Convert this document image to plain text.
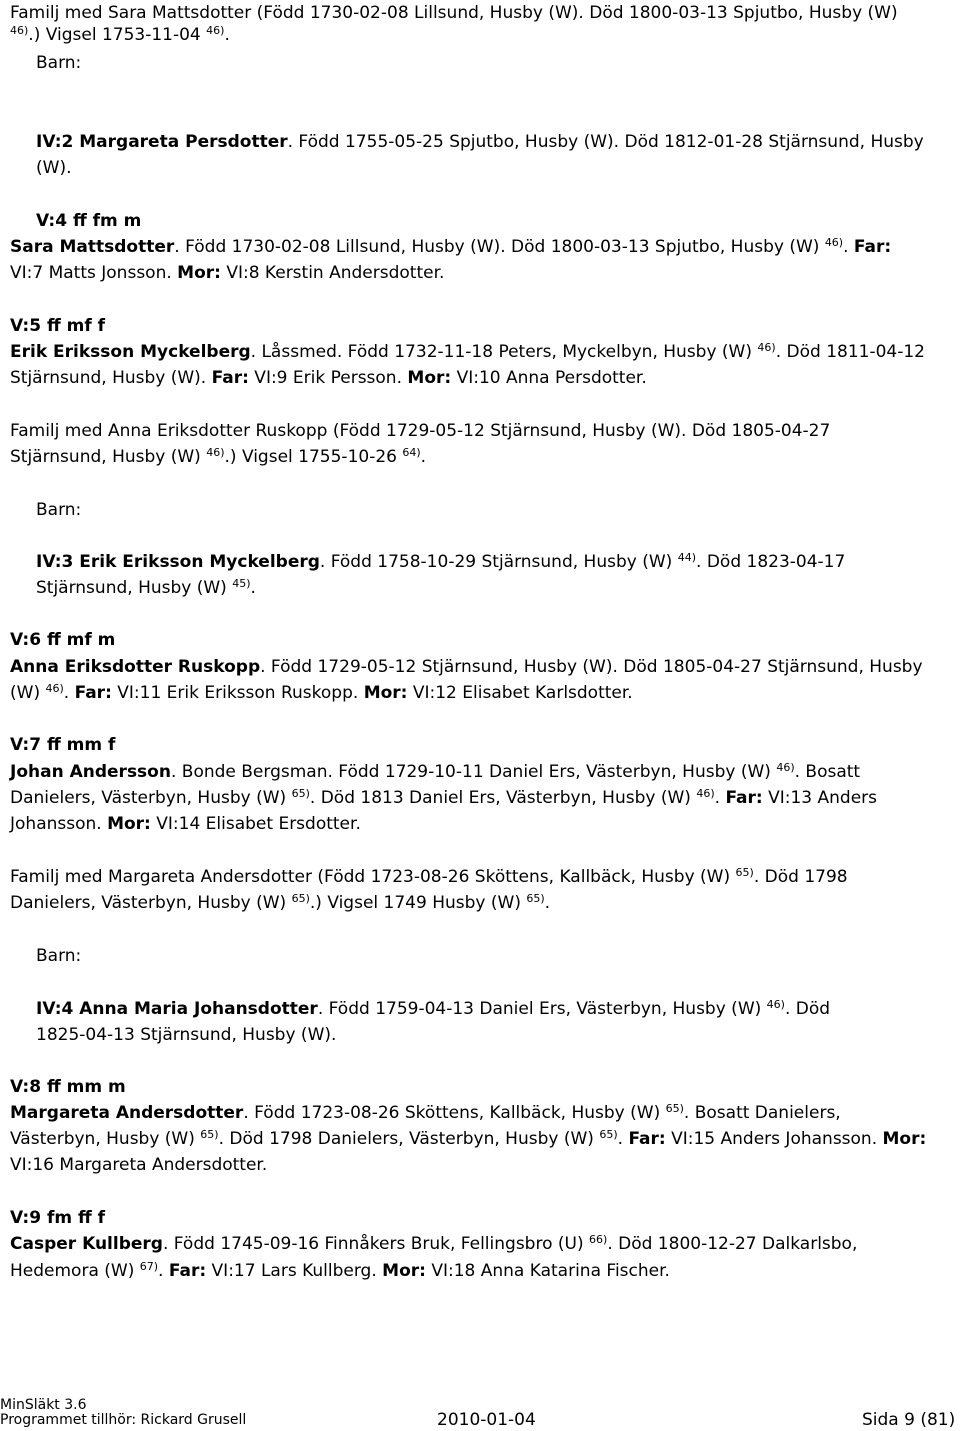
Familj med Sara Mattsdotter (Född 1730-02-08 Lillsund, Husby (W). Död 1800-03-13 Spjutbo, Husby (W)
$^{46)}$.) Vigsel 1753-11-04 $^{46)}$.
Barn:
IV:2 Margareta Persdotter. Född 1755-05-25 Spjutbo, Husby (W). Död 1812-01-28 Stjärnsund, Husby
(W).
V:4 ff fm m
Sara Mattsdotter. Född 1730-02-08 Lillsund, Husby (W). Död 1800-03-13 Spjutbo, Husby (W) $^{46)}$. Far:
VI:7 Matts Jonsson. Mor: VI:8 Kerstin Andersdotter.
V:5 ff mf f
Erik Eriksson Myckelberg. Låssmed. Född 1732-11-18 Peters, Myckelbyn, Husby (W) $^{46)}$. Död 1811-04-12
Stjärnsund, Husby (W). Far: VI:9 Erik Persson. Mor: VI:10 Anna Persdotter.
Familj med Anna Eriksdotter Ruskopp (Född 1729-05-12 Stjärnsund, Husby (W). Död 1805-04-27
Stjärnsund, Husby (W) $^{46)}$.) Vigsel 1755-10-26 $^{64)}$.
Barn:
IV:3 Erik Eriksson Myckelberg. Född 1758-10-29 Stjärnsund, Husby (W) $^{44)}$. Död 1823-04-17
Stjärnsund, Husby (W) $^{45)}$.
V:6 ff mf m
Anna Eriksdotter Ruskopp. Född 1729-05-12 Stjärnsund, Husby (W). Död 1805-04-27 Stjärnsund, Husby
(W) $^{46)}$. Far: VI:11 Erik Eriksson Ruskopp. Mor: VI:12 Elisabet Karlsdotter.
V:7 ff mm f
Johan Andersson. Bonde Bergsman. Född 1729-10-11 Daniel Ers, Västerbyn, Husby (W) $^{46)}$. Bosatt
Danielers, Västerbyn, Husby (W) $^{65)}$. Död 1813 Daniel Ers, Västerbyn, Husby (W) $^{46)}$. Far: VI:13 Anders
Johansson. Mor: VI:14 Elisabet Ersdotter.
Familj med Margareta Andersdotter (Född 1723-08-26 Sköttens, Kallbäck, Husby (W) $^{65)}$. Död 1798
Danielers, Västerbyn, Husby (W) $^{65)}$.) Vigsel 1749 Husby (W) $^{65)}$.
Barn:
IV:4 Anna Maria Johansdotter. Född 1759-04-13 Daniel Ers, Västerbyn, Husby (W) $^{46)}$. Död
1825-04-13 Stjärnsund, Husby (W).
V:8 ff mm m
Margareta Andersdotter. Född 1723-08-26 Sköttens, Kallbäck, Husby (W) $^{65)}$. Bosatt Danielers,
Västerbyn, Husby (W) $^{65)}$. Död 1798 Danielers, Västerbyn, Husby (W) $^{65)}$. Far: VI:15 Anders Johansson. Mor:
VI:16 Margareta Andersdotter.
V:9 fm ff f
Casper Kullberg. Född 1745-09-16 Finnåkers Bruk, Fellingsbro (U) $^{66)}$. Död 1800-12-27 Dalkarlsbo,
Hedemora (W) $^{67)}$. Far: VI:17 Lars Kullberg. Mor: VI:18 Anna Katarina Fischer.
MinSläkt 3.6
Programmet tillhör: Rickard Grusell	2010-01-04	Sida 9 (81)
